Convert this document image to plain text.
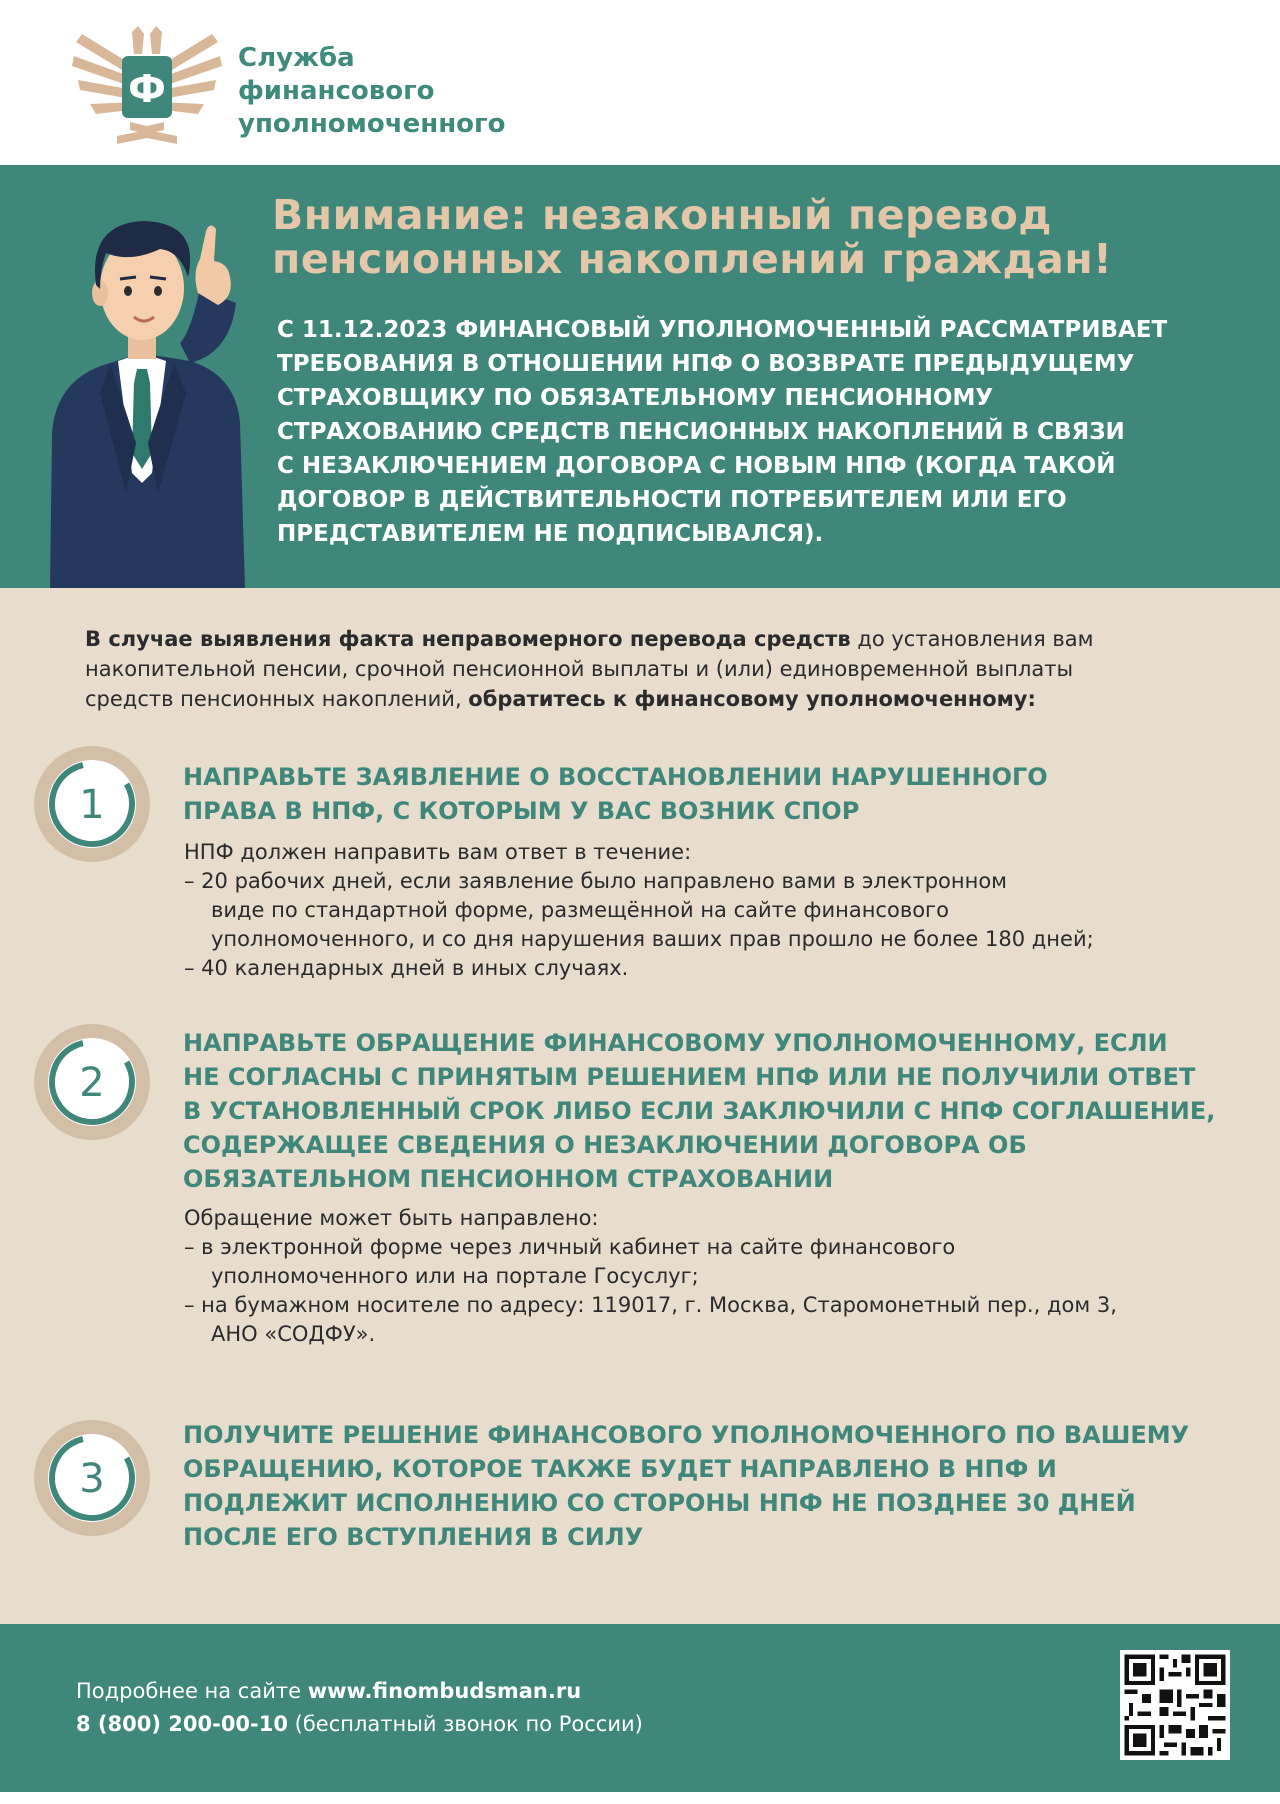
Ф
Служба
финансового
уполномоченного
Внимание: незаконный перевод
пенсионных накоплений граждан!
С 11.12.2023 ФИНАНСОВЫЙ УПОЛНОМОЧЕННЫЙ РАССМАТРИВАЕТ
ТРЕБОВАНИЯ В ОТНОШЕНИИ НПФ О ВОЗВРАТЕ ПРЕДЫДУЩЕМУ
СТРАХОВЩИКУ ПО ОБЯЗАТЕЛЬНОМУ ПЕНСИОННОМУ
СТРАХОВАНИЮ СРЕДСТВ ПЕНСИОННЫХ НАКОПЛЕНИЙ В СВЯЗИ
С НЕЗАКЛЮЧЕНИЕМ ДОГОВОРА С НОВЫМ НПФ (КОГДА ТАКОЙ
ДОГОВОР В ДЕЙСТВИТЕЛЬНОСТИ ПОТРЕБИТЕЛЕМ ИЛИ ЕГО
ПРЕДСТАВИТЕЛЕМ НЕ ПОДПИСЫВАЛСЯ).
В случае выявления факта неправомерного перевода средств до установления вам
накопительной пенсии, срочной пенсионной выплаты и (или) единовременной выплаты
средств пенсионных накоплений, обратитесь к финансовому уполномоченному:
1
НАПРАВЬТЕ ЗАЯВЛЕНИЕ О ВОССТАНОВЛЕНИИ НАРУШЕННОГО
ПРАВА В НПФ, С КОТОРЫМ У ВАС ВОЗНИК СПОР
НПФ должен направить вам ответ в течение:
– 20 рабочих дней, если заявление было направлено вами в электронном
виде по стандартной форме, размещённой на сайте финансового
уполномоченного, и со дня нарушения ваших прав прошло не более 180 дней;
– 40 календарных дней в иных случаях.
2
НАПРАВЬТЕ ОБРАЩЕНИЕ ФИНАНСОВОМУ УПОЛНОМОЧЕННОМУ, ЕСЛИ
НЕ СОГЛАСНЫ С ПРИНЯТЫМ РЕШЕНИЕМ НПФ ИЛИ НЕ ПОЛУЧИЛИ ОТВЕТ
В УСТАНОВЛЕННЫЙ СРОК ЛИБО ЕСЛИ ЗАКЛЮЧИЛИ С НПФ СОГЛАШЕНИЕ,
СОДЕРЖАЩЕЕ СВЕДЕНИЯ О НЕЗАКЛЮЧЕНИИ ДОГОВОРА ОБ
ОБЯЗАТЕЛЬНОМ ПЕНСИОННОМ СТРАХОВАНИИ
Обращение может быть направлено:
– в электронной форме через личный кабинет на сайте финансового
уполномоченного или на портале Госуслуг;
– на бумажном носителе по адресу: 119017, г. Москва, Старомонетный пер., дом 3,
АНО «СОДФУ».
3
ПОЛУЧИТЕ РЕШЕНИЕ ФИНАНСОВОГО УПОЛНОМОЧЕННОГО ПО ВАШЕМУ
ОБРАЩЕНИЮ, КОТОРОЕ ТАКЖЕ БУДЕТ НАПРАВЛЕНО В НПФ И
ПОДЛЕЖИТ ИСПОЛНЕНИЮ СО СТОРОНЫ НПФ НЕ ПОЗДНЕЕ 30 ДНЕЙ
ПОСЛЕ ЕГО ВСТУПЛЕНИЯ В СИЛУ
Подробнее на сайте www.finombudsman.ru
8 (800) 200-00-10 (бесплатный звонок по России)
